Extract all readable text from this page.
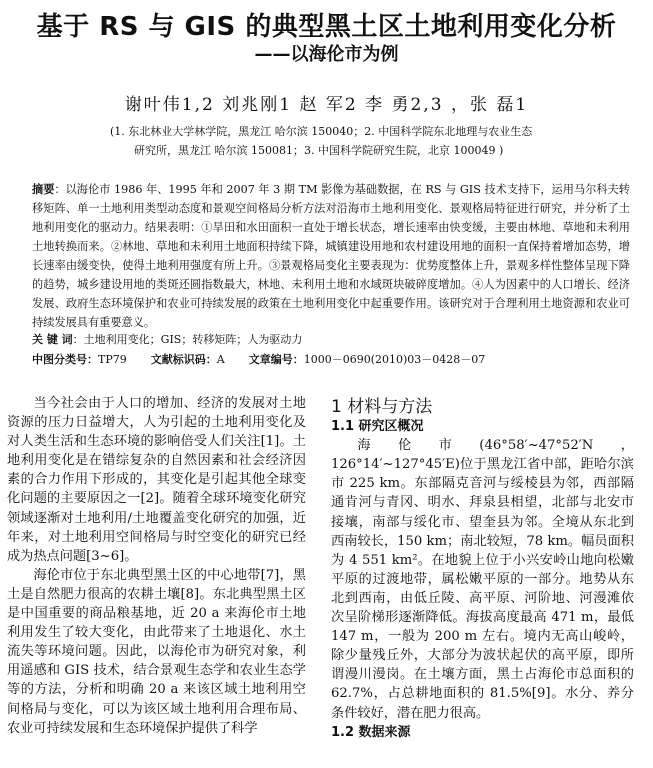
基于 RS 与 GIS 的典型黑土区土地利用变化分析
——以海伦市为例
谢叶伟1,2 刘兆刚1 赵 军2 李 勇2,3 ，张 磊1
(1. 东北林业大学林学院，黑龙江 哈尔滨 150040；2. 中国科学院东北地理与农业生态
研究所，黑龙江 哈尔滨 150081；3. 中国科学院研究生院，北京 100049 )
摘要：以海伦市 1986 年、1995 年和 2007 年 3 期 TM 影像为基础数据，在 RS 与 GIS 技术支持下，运用马尔科夫转移矩阵、单一土地利用类型动态度和景观空间格局分析方法对沿海市土地利用变化、景观格局特征进行研究，并分析了土地利用变化的驱动力。结果表明：①旱田和水田面积一直处于增长状态，增长速率由快变缓，主要由林地、草地和未利用土地转换而来。②林地、草地和未利用土地面积持续下降，城镇建设用地和农村建设用地的面积一直保持着增加态势，增长速率由缓变快，使得土地利用强度有所上升。③景观格局变化主要表现为：优势度整体上升，景观多样性整体呈现下降的趋势，城乡建设用地的类斑还圆指数最大，林地、未利用土地和水域斑块破碎度增加。④人为因素中的人口增长、经济发展、政府生态环境保护和农业可持续发展的政策在土地利用变化中起重要作用。该研究对于合理利用土地资源和农业可持续发展具有重要意义。
关 键 词：土地利用变化；GIS；转移矩阵；人为驱动力
中图分类号：TP79 文献标识码：A 文章编号：1000－0690(2010)03－0428－07

当今社会由于人口的增加、经济的发展对土地资源的压力日益增大，人为引起的土地利用变化及对人类生活和生态环境的影响倍受人们关注[1]。土地利用变化是在错综复杂的自然因素和社会经济因素的合力作用下形成的，其变化是引起其他全球变化问题的主要原因之一[2]。随着全球环境变化研究领域逐渐对土地利用/土地覆盖变化研究的加强，近年来，对土地利用空间格局与时空变化的研究已经成为热点问题[3~6]。

海伦市位于东北典型黑土区的中心地带[7]，黑土是自然肥力很高的农耕土壤[8]。东北典型黑土区是中国重要的商品粮基地，近 20 a 来海伦市土地利用发生了较大变化，由此带来了土地退化、水土流失等环境问题。因此，以海伦市为研究对象，利用遥感和 GIS 技术，结合景观生态学和农业生态学等的方法，分析和明确 20 a 来该区域土地利用空间格局与变化，可以为该区域土地利用合理布局、农业可持续发展和生态环境保护提供了科学

1 材料与方法

1.1 研究区概况

海伦市(46°58′~47°52′N，126°14′~127°45′E)位于黑龙江省中部，距哈尔滨市 225 km。东部隔克音河与绥棱县为邻，西部隔通肯河与青冈、明水、拜泉县相望，北部与北安市接壤，南部与绥化市、望奎县为邻。全境从东北到西南较长，150 km；南北较短，78 km。幅员面积为 4 551 km²。在地貌上位于小兴安岭山地向松嫩平原的过渡地带，属松嫩平原的一部分。地势从东北到西南，由低丘陵、高平原、河阶地、河漫滩依次呈阶梯形逐渐降低。海拔高度最高 471 m，最低 147 m，一般为 200 m 左右。境内无高山峻岭，除少量残丘外，大部分为波状起伏的高平原，即所谓漫川漫岗。在土壤方面，黑土占海伦市总面积的 62.7%，占总耕地面积的 81.5%[9]。水分、养分条件较好，潜在肥力很高。

1.2 数据来源
